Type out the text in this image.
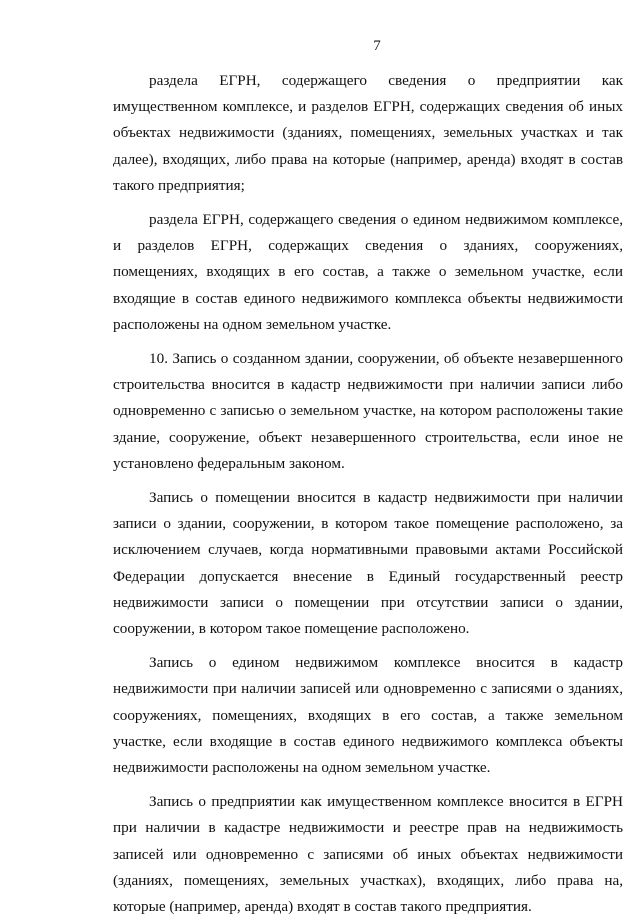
7

раздела ЕГРН, содержащего сведения о предприятии как имущественном комплексе, и разделов ЕГРН, содержащих сведения об иных объектах недвижимости (зданиях, помещениях, земельных участках и так далее), входящих, либо права на которые (например, аренда) входят в состав такого предприятия;

раздела ЕГРН, содержащего сведения о едином недвижимом комплексе, и разделов ЕГРН, содержащих сведения о зданиях, сооружениях, помещениях, входящих в его состав, а также о земельном участке, если входящие в состав единого недвижимого комплекса объекты недвижимости расположены на одном земельном участке.

10. Запись о созданном здании, сооружении, об объекте незавершенного строительства вносится в кадастр недвижимости при наличии записи либо одновременно с записью о земельном участке, на котором расположены такие здание, сооружение, объект незавершенного строительства, если иное не установлено федеральным законом.

Запись о помещении вносится в кадастр недвижимости при наличии записи о здании, сооружении, в котором такое помещение расположено, за исключением случаев, когда нормативными правовыми актами Российской Федерации допускается внесение в Единый государственный реестр недвижимости записи о помещении при отсутствии записи о здании, сооружении, в котором такое помещение расположено.

Запись о едином недвижимом комплексе вносится в кадастр недвижимости при наличии записей или одновременно с записями о зданиях, сооружениях, помещениях, входящих в его состав, а также земельном участке, если входящие в состав единого недвижимого комплекса объекты недвижимости расположены на одном земельном участке.

Запись о предприятии как имущественном комплексе вносится в ЕГРН при наличии в кадастре недвижимости и реестре прав на недвижимость записей или одновременно с записями об иных объектах недвижимости (зданиях, помещениях, земельных участках), входящих, либо права на, которые (например, аренда) входят в состав такого предприятия.
